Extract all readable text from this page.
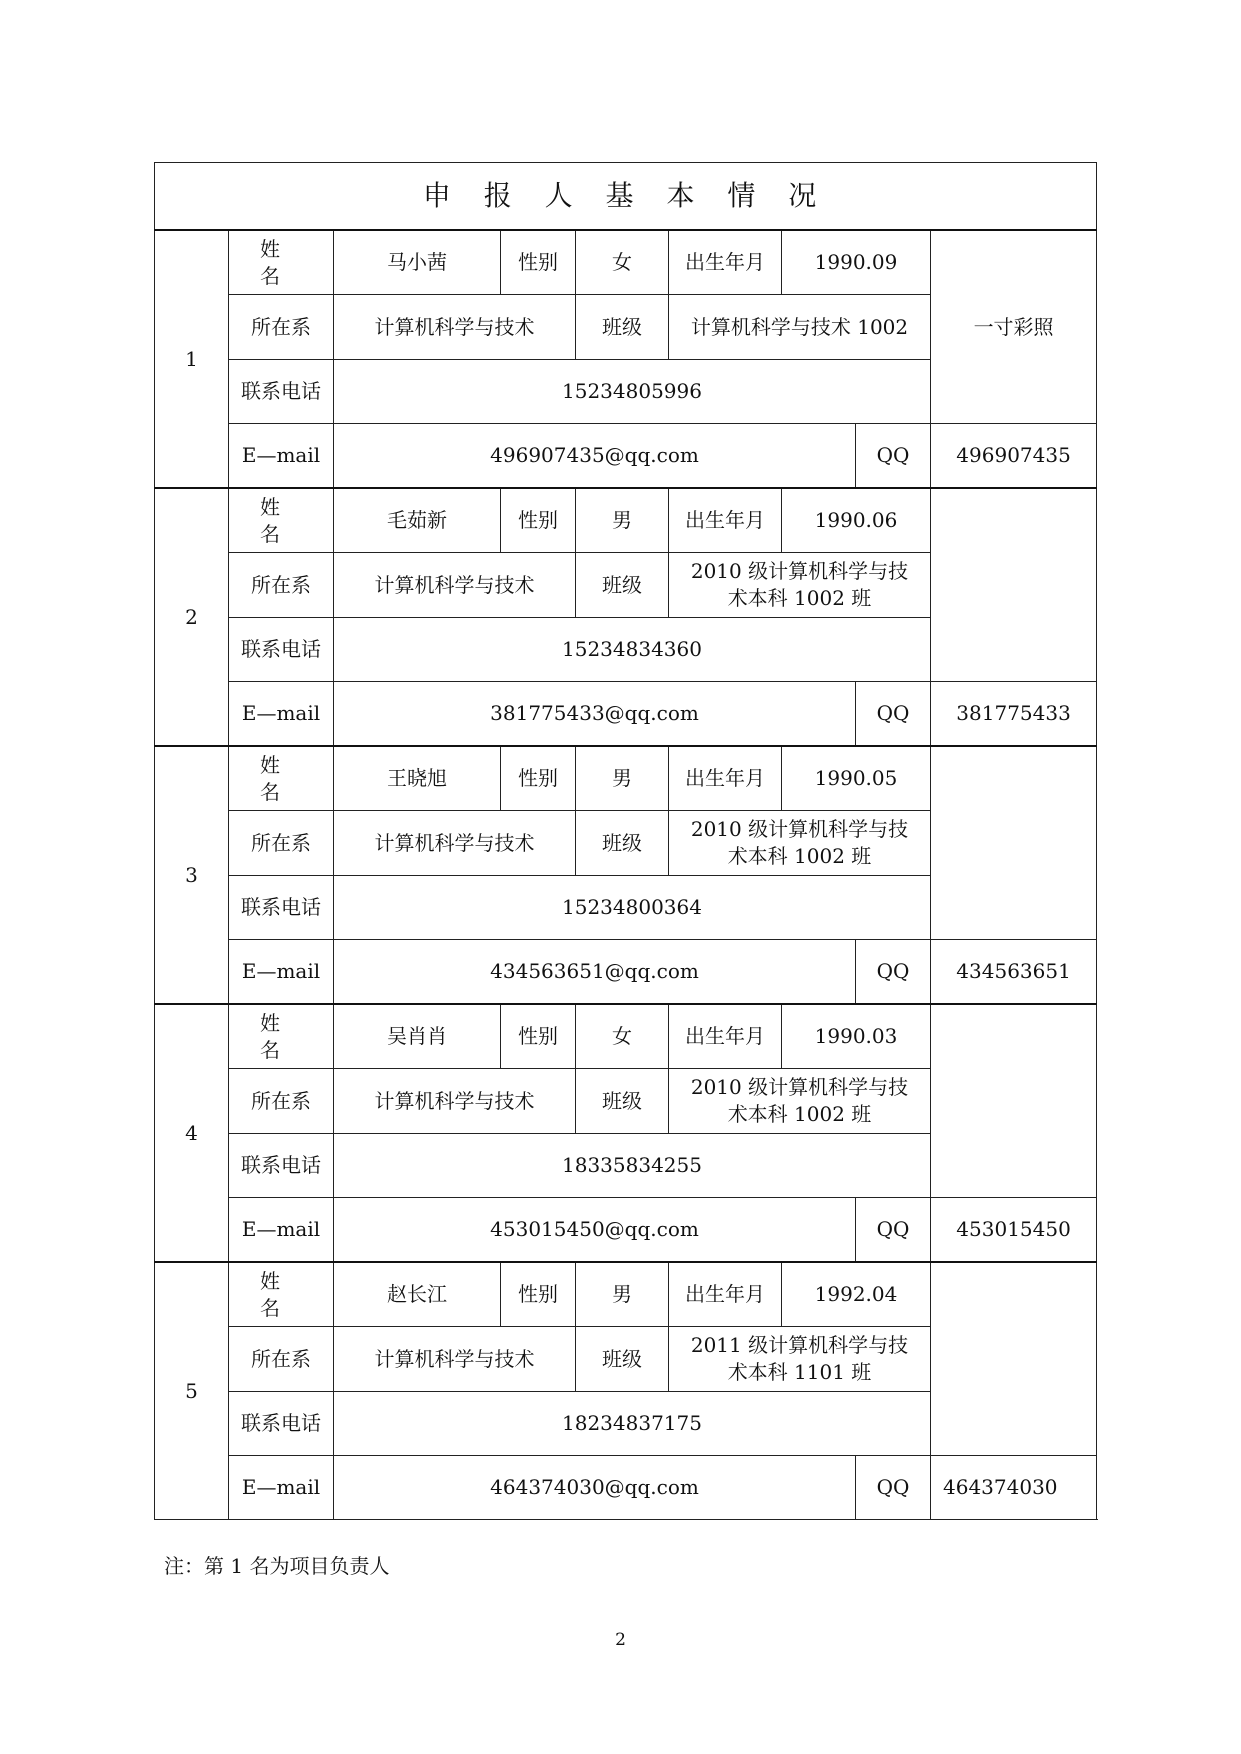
申 报 人 基 本 情 况								
1	姓 名	马小茜	性别	女	出生年月	1990.09		一寸彩照
	所在系	计算机科学与技术		班级	计算机科学与技术 1002			

	联系电话	15234805996						
	E—mail	496907435@qq.com					QQ	496907435
2	姓 名	毛茹新	性别	男	出生年月	1990.06		
	所在系	计算机科学与技术		班级	2010 级计算机科学与技
术本科 1002 班			

	联系电话	15234834360						
	E—mail	381775433@qq.com					QQ	381775433
3	姓 名	王晓旭	性别	男	出生年月	1990.05		
	所在系	计算机科学与技术		班级	2010 级计算机科学与技
术本科 1002 班			

	联系电话	15234800364						
	E—mail	434563651@qq.com					QQ	434563651
4	姓 名	吴肖肖	性别	女	出生年月	1990.03		
	所在系	计算机科学与技术		班级	2010 级计算机科学与技
术本科 1002 班			

	联系电话	18335834255						
	E—mail	453015450@qq.com					QQ	453015450
5	姓 名	赵长江	性别	男	出生年月	1992.04		
	所在系	计算机科学与技术		班级	2011 级计算机科学与技
术本科 1101 班			

	联系电话	18234837175						
	E—mail	464374030@qq.com					QQ	464374030
注：第 1 名为项目负责人
2
